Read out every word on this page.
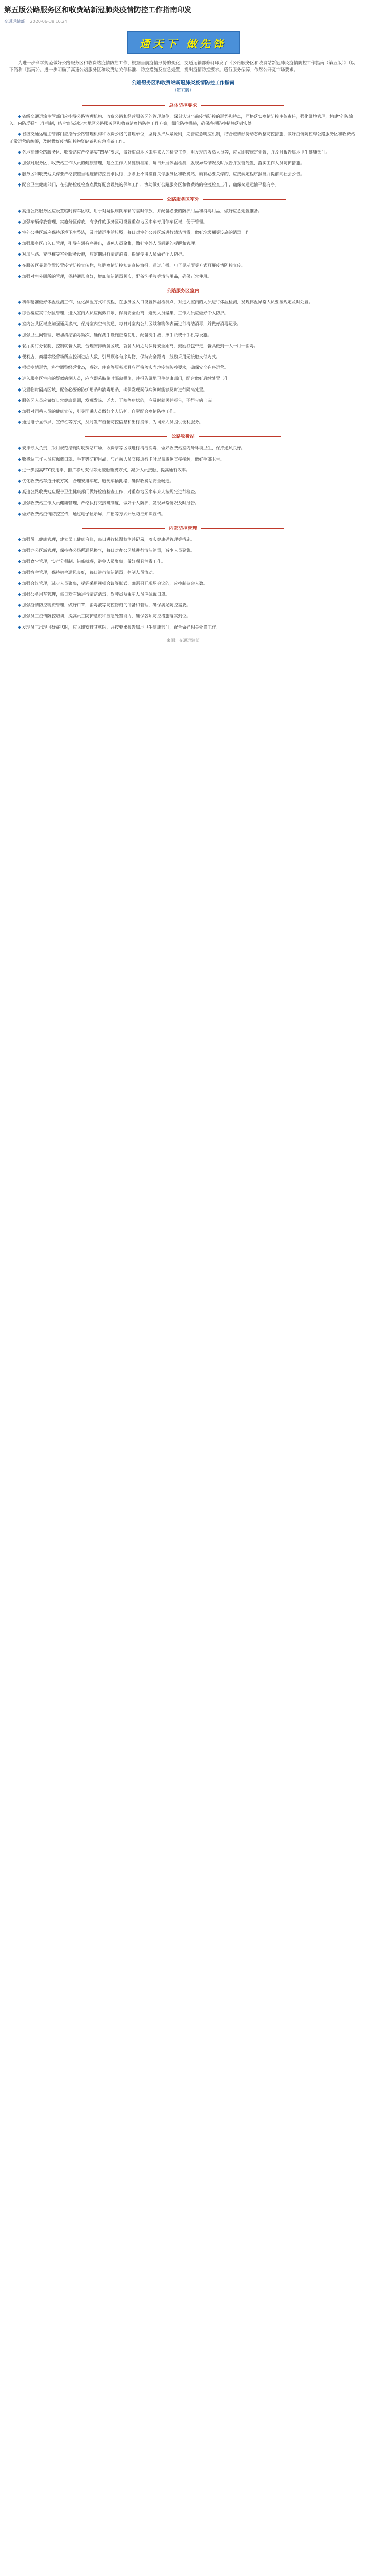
第五版公路服务区和收费站新冠肺炎疫情防控工作指南印发
交通运输部 2020-06-18 10:24
通天下 做先锋

为进一步科学规范做好公路服务区和收费站疫情防控工作，根据当前疫情形势的变化，交通运输部修订印发了《公路服务区和收费站新冠肺炎疫情防控工作指南（第五版）》（以下简称《指南》）。进一步明确了高速公路服务区和收费站关停标准、防控措施及应急处置，提出疫情防控要求。通行服务保障，依然公开竞市场要求。

公路服务区和收费站新冠肺炎疫情防控工作指南
（第五版）
总体防控要求

◆ 省级交通运输主管部门应指导公路管理机构、收费公路和经营服务区的管理单位，深刻认识当前疫情防控的形势和特点，严格落实疫情防控主体责任，强化属地管理，构建“外防输入、内防反弹”工作机制，结合实际制定本地区公路服务区和收费站疫情防控工作方案，细化防控措施，确保各项防控措施落到实处。

◆ 省级交通运输主管部门应指导公路管理机构和收费公路的管理单位，坚持从严从紧原则，完善应急响应机制，结合疫情形势动态调整防控措施，做好疫情防控与公路服务区和收费站正常运营的统筹，及时做好疫情防控物资储备和应急准备工作。

◆ 各地高速公路服务区、收费站应严格落实“四早”要求，做好重点地区来车来人的检查工作，对发现的发热人员等，应立即按规定处置，并及时报告属地卫生健康部门。

◆ 加强对服务区、收费站工作人员的健康管理，建立工作人员健康档案，每日开展体温检测，发现异常情况及时报告并妥善处置，落实工作人员防护措施。

◆ 服务区和收费站关停要严格按照当地疫情防控要求执行，原则上不得擅自关停服务区和收费站，确有必要关停的，应按规定程序报批并提前向社会公告。

◆ 配合卫生健康部门，在公路检疫检查点做好配套设施的保障工作，协助做好公路服务区和收费站的检疫检查工作，确保交通运输平稳有序。

公路服务区室外

◆ 高速公路服务区应设置临时停车区域，用于对疑似病例车辆的临时停放，并配备必要的防护用品和消毒用品，做好应急处置准备。

◆ 加强车辆停放管理，实施分区停放，有条件的服务区可设置重点地区来车专用停车区域，便于管理。

◆ 室外公共区域应保持环境卫生整洁，及时清运生活垃圾，每日对室外公共区域进行清洁消毒，做好垃圾桶等设施的消毒工作。

◆ 加强服务区出入口管理，引导车辆有序进出，避免人员聚集，做好室外人员间距的提醒和管理。

◆ 对加油站、充电桩等室外服务设施，应定期进行清洁消毒，提醒使用人员做好个人防护。

◆ 在服务区显著位置设置疫情防控宣传栏，张贴疫情防控知识宣传海报，通过广播、电子显示屏等方式开展疫情防控宣传。

◆ 加强对室外厕所的管理，保持通风良好，增加清洁消毒频次，配备洗手液等清洁用品，确保正常使用。

公路服务区室内

◆ 科学精准做好体温检测工作，优化测温方式和流程，在服务区入口设置体温检测点，对进入室内的人员进行体温检测，发现体温异常人员要按规定及时处置。

◆ 综合楼应实行分区管理，进入室内人员应佩戴口罩，保持安全距离，避免人员聚集，工作人员应做好个人防护。

◆ 室内公共区域应加强通风换气，保持室内空气流通，每日对室内公共区域和物体表面进行清洁消毒，并做好消毒记录。

◆ 加强卫生间管理，增加清洁消毒频次，确保洗手设施正常使用，配备洗手液、擦手纸或干手机等设施。

◆ 餐厅实行分餐制，控制就餐人数，合理安排就餐区域，就餐人员之间保持安全距离，鼓励打包带走，餐具做到一人一用一消毒。

◆ 便利店、商超等经营场所应控制进店人数，引导顾客有序购物，保持安全距离，鼓励采用无接触支付方式。

◆ 根据疫情形势，科学调整经营业态，餐饮、住宿等服务项目应严格落实当地疫情防控要求，确保安全有序运营。

◆ 进入服务区室内的疑似病例人员，应立即采取临时隔离措施，并报告属地卫生健康部门，配合做好后续处置工作。

◆ 设置临时隔离区域，配备必要的防护用品和消毒用品，确保发现疑似病例时能够及时进行隔离处置。

◆ 服务区人员应做好日常健康监测，发现发热、乏力、干咳等症状的，应及时就医并报告，不得带病上岗。

◆ 加强对司乘人员的健康宣传，引导司乘人员做好个人防护，自觉配合疫情防控工作。

◆ 通过电子显示屏、宣传栏等方式，及时发布疫情防控信息和出行提示，为司乘人员提供便利服务。

公路收费站

◆ 安排专人负责，采用规范措施对收费站广场、收费亭等区域进行清洁消毒，做好收费站室内外环境卫生，保持通风良好。

◆ 收费站工作人员应佩戴口罩、手套等防护用品，与司乘人员交接通行卡时尽量避免直接接触，做好手部卫生。

◆ 进一步提高ETC使用率，推广移动支付等无接触缴费方式，减少人员接触，提高通行效率。

◆ 优化收费站车道开放方案，合理安排车道，避免车辆拥堵，确保收费站安全畅通。

◆ 高速公路收费站应配合卫生健康部门做好检疫检查工作，对重点地区来车来人按规定进行检查。

◆ 加强收费站工作人员健康管理，严格执行交接班制度，做好个人防护，发现异常情况及时报告。

◆ 做好收费站疫情防控宣传，通过电子显示屏、广播等方式开展防控知识宣传。

内部防控管理

◆ 加强员工健康管理，建立员工健康台账，每日进行体温检测并记录，落实健康码管理等措施。

◆ 加强办公区域管理，保持办公场所通风换气，每日对办公区域进行清洁消毒，减少人员聚集。

◆ 加强食堂管理，实行分餐制、错峰就餐，避免人员聚集，做好餐具消毒工作。

◆ 加强宿舍管理，保持宿舍通风良好，每日进行清洁消毒，控制人员流动。

◆ 加强会议管理，减少人员聚集，提倡采用视频会议等形式，确需召开现场会议的，应控制参会人数。

◆ 加强公务用车管理，每日对车辆进行清洁消毒，驾驶员及乘车人员应佩戴口罩。

◆ 加强疫情防控物资管理，做好口罩、消毒液等防控物资的储备和管理，确保满足防控需要。

◆ 加强员工疫情防控培训，提高员工防护意识和应急处置能力，确保各项防控措施落实到位。

◆ 发现员工出现可疑症状时，应立即安排其就医，并按要求报告属地卫生健康部门，配合做好相关处置工作。

来源：交通运输部
